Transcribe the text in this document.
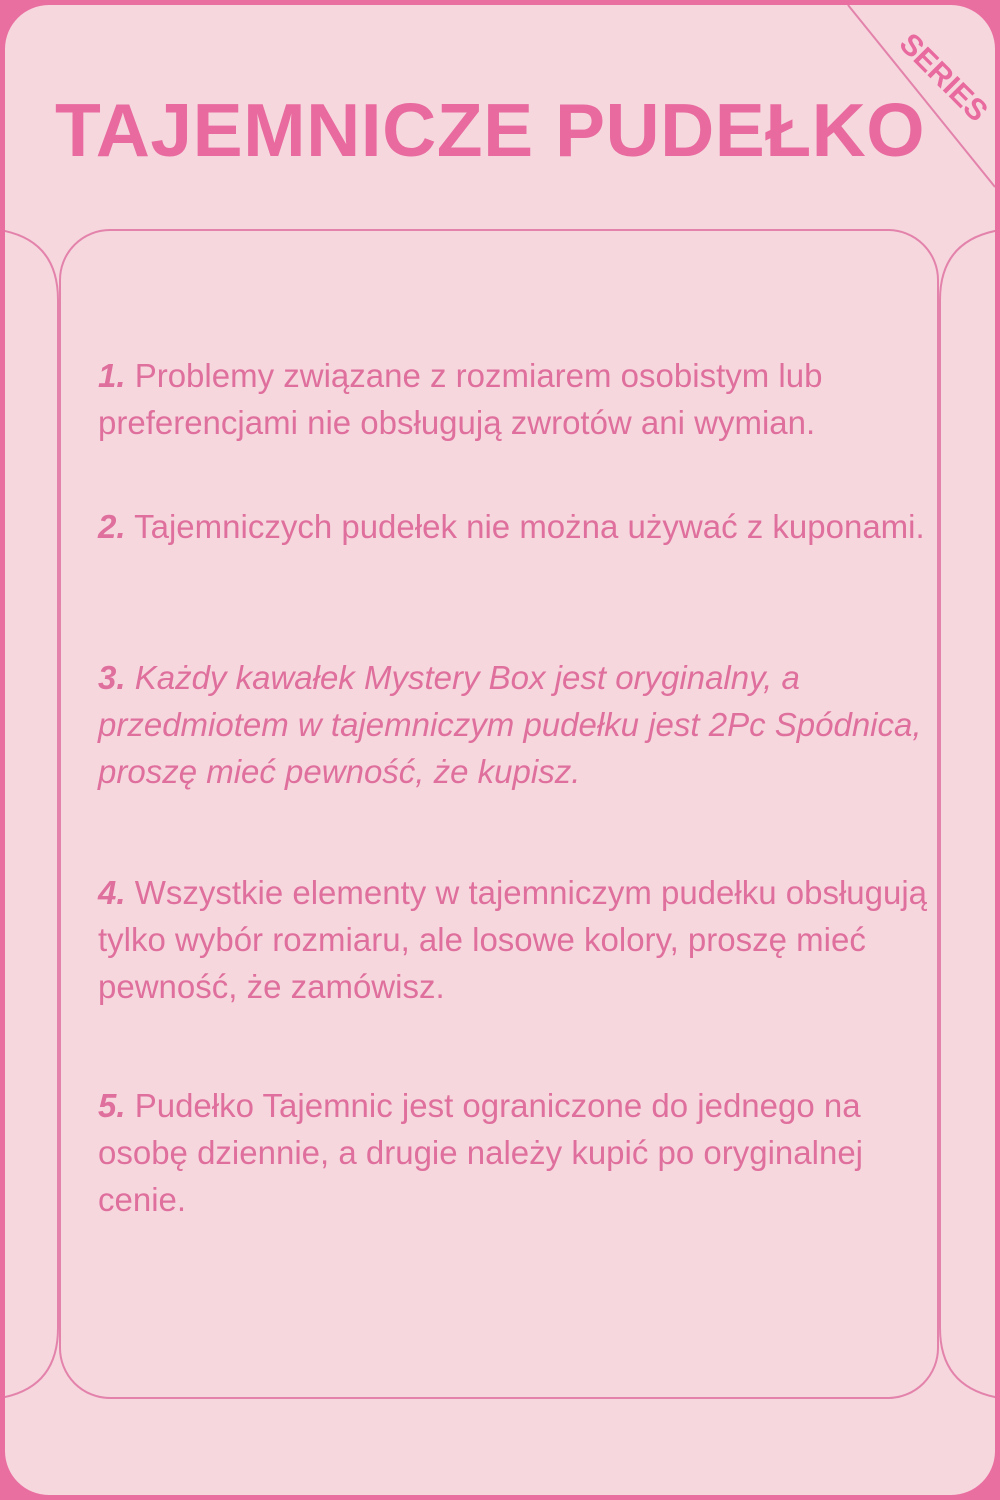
TAJEMNICZE PUDEŁKO
SERIES
1. Problemy związane z rozmiarem osobistym lub preferencjami nie obsługują zwrotów ani wymian.
2. Tajemniczych pudełek nie można używać z kuponami.
3. Każdy kawałek Mystery Box jest oryginalny, a przedmiotem w tajemniczym pudełku jest 2Pc Spódnica, proszę mieć pewność, że kupisz.
4. Wszystkie elementy w tajemniczym pudełku obsługują tylko wybór rozmiaru, ale losowe kolory, proszę mieć pewność, że zamówisz.
5. Pudełko Tajemnic jest ograniczone do jednego na osobę dziennie, a drugie należy kupić po oryginalnej cenie.
